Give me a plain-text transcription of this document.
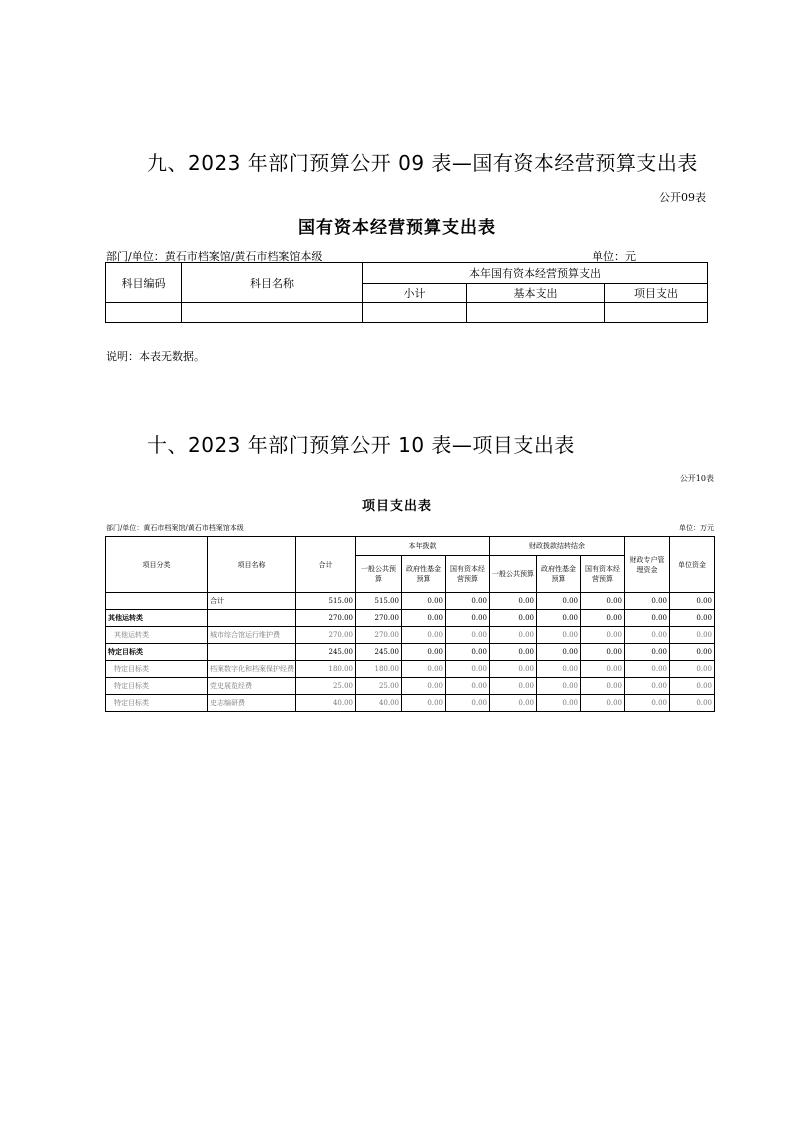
九、2023 年部门预算公开 09 表—国有资本经营预算支出表
公开09表
国有资本经营预算支出表
部门/单位：黄石市档案馆/黄石市档案馆本级	单位：元
科目编码	科目名称	本年国有资本经营预算支出		
		小计	基本支出	项目支出

说明：本表无数据。
十、2023 年部门预算公开 10 表—项目支出表
公开10表
项目支出表
部门/单位：黄石市档案馆/黄石市档案馆本级	单位：万元
项目分类	项目名称	合计	本年拨款			财政拨款结转结余			财政专户管理资金	单位资金
			一般公共预算	政府性基金预算	国有资本经营预算	一般公共预算	政府性基金预算	国有资本经营预算		
	合计	515.00	515.00	0.00	0.00	0.00	0.00	0.00	0.00	0.00
其他运转类		270.00	270.00	0.00	0.00	0.00	0.00	0.00	0.00	0.00
其他运转类	城市综合馆运行维护费	270.00	270.00	0.00	0.00	0.00	0.00	0.00	0.00	0.00
特定目标类		245.00	245.00	0.00	0.00	0.00	0.00	0.00	0.00	0.00
特定目标类	档案数字化和档案保护经费	180.00	180.00	0.00	0.00	0.00	0.00	0.00	0.00	0.00
特定目标类	党史展览经费	25.00	25.00	0.00	0.00	0.00	0.00	0.00	0.00	0.00
特定目标类	史志编研费	40.00	40.00	0.00	0.00	0.00	0.00	0.00	0.00	0.00
